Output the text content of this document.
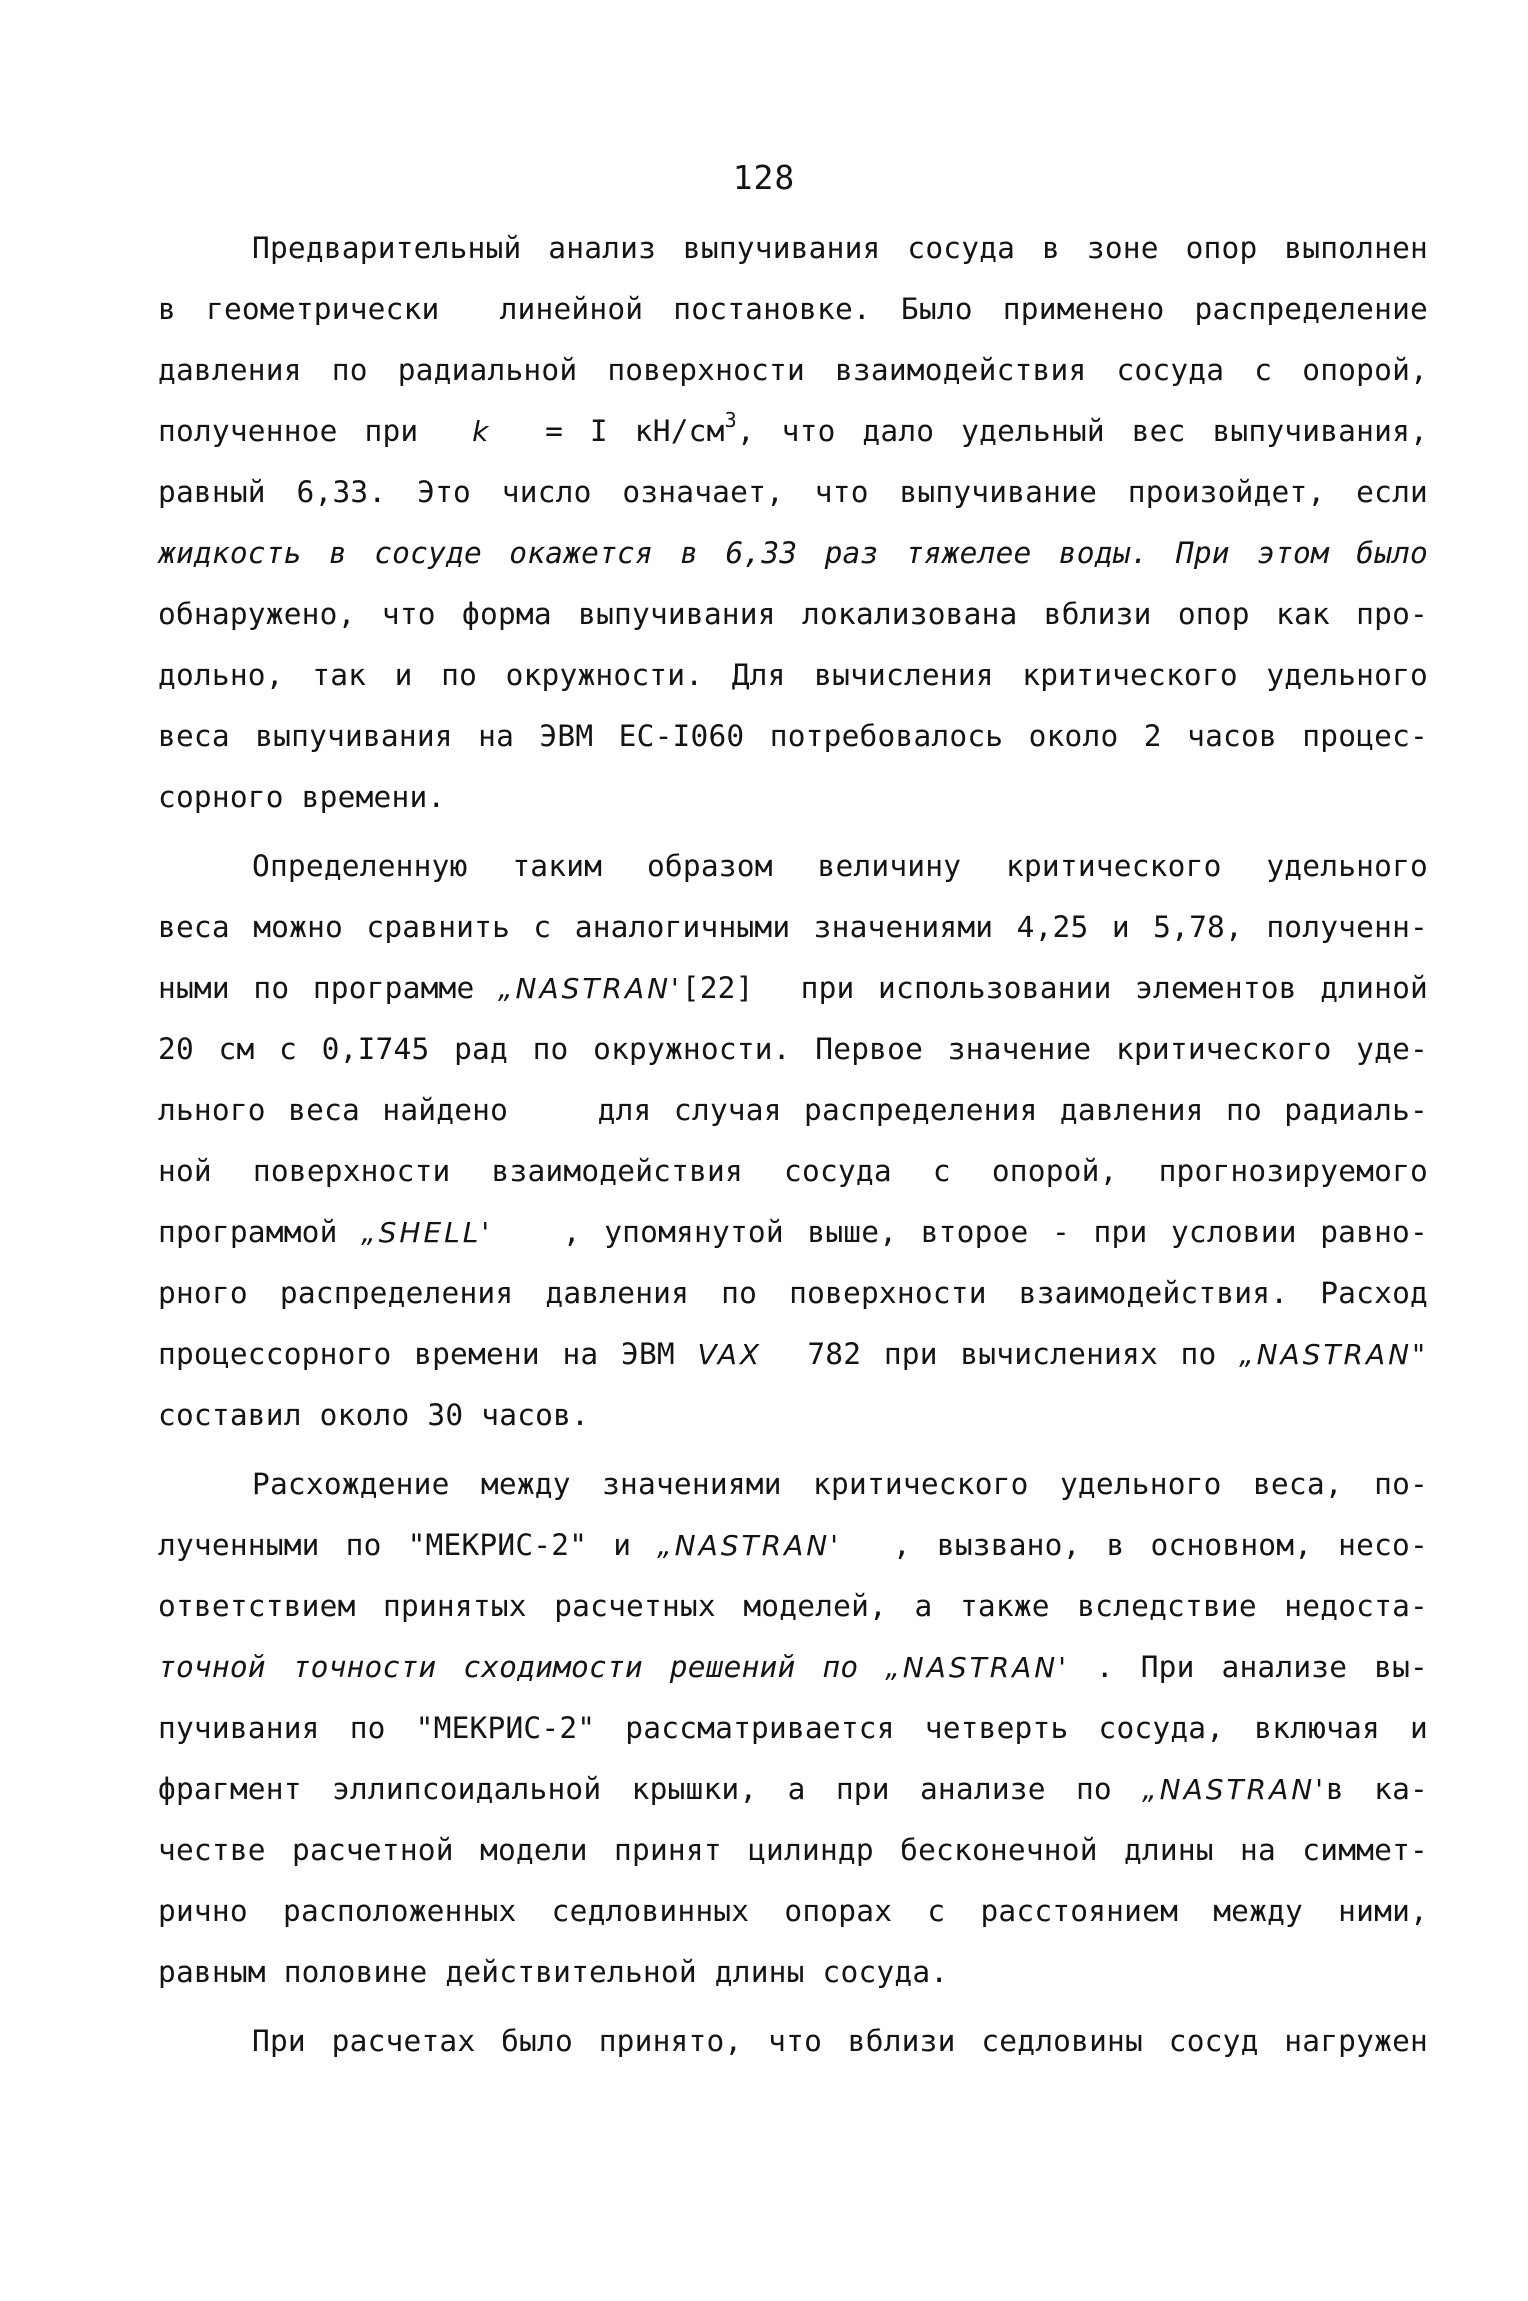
128
Предварительный анализ выпучивания сосуда в зоне опор выполнен
в геометрически  линейной постановке. Было применено распределение
давления по радиальной поверхности взаимодействия сосуда с опорой,
полученное при  k  = I $кН/см^3$, что дало удельный вес выпучивания,
равный 6,33. Это число означает, что выпучивание произойдет, если
жидкость в сосуде окажется в 6,33 раз тяжелее воды. При этом было
обнаружено, что форма выпучивания локализована вблизи опор как про-
дольно, так и по окружности. Для вычисления критического удельного
веса выпучивания на ЭВМ ЕС-I060 потребовалось около 2 часов процес-
сорного времени.
Определенную таким образом величину критического удельного
веса можно сравнить с аналогичными значениями 4,25 и 5,78, полученн-
ными по программе „NASTRAN'[22]  при использовании элементов длиной
20 см с 0,I745 рад по окружности. Первое значение критического уде-
льного веса найдено    для случая распределения давления по радиаль-
ной поверхности взаимодействия сосуда с опорой, прогнозируемого
программой „SHELL'   , упомянутой выше, второе - при условии равно-
рного распределения давления по поверхности взаимодействия. Расход
процессорного времени на ЭВМ VAX  782 при вычислениях по „NASTRAN"
составил около 30 часов.
Расхождение между значениями критического удельного веса, по-
лученными по "МЕКРИС-2" и „NASTRAN'  , вызвано, в основном, несо-
ответствием принятых расчетных моделей, а также вследствие недоста-
точной точности сходимости решений по „NASTRAN' . При анализе вы-
пучивания по "МЕКРИС-2" рассматривается четверть сосуда, включая и
фрагмент эллипсоидальной крышки, а при анализе по „NASTRAN'в ка-
честве расчетной модели принят цилиндр бесконечной длины на симмет-
рично расположенных седловинных опорах с расстоянием между ними,
равным половине действительной длины сосуда.
При расчетах было принято, что вблизи седловины сосуд нагружен
